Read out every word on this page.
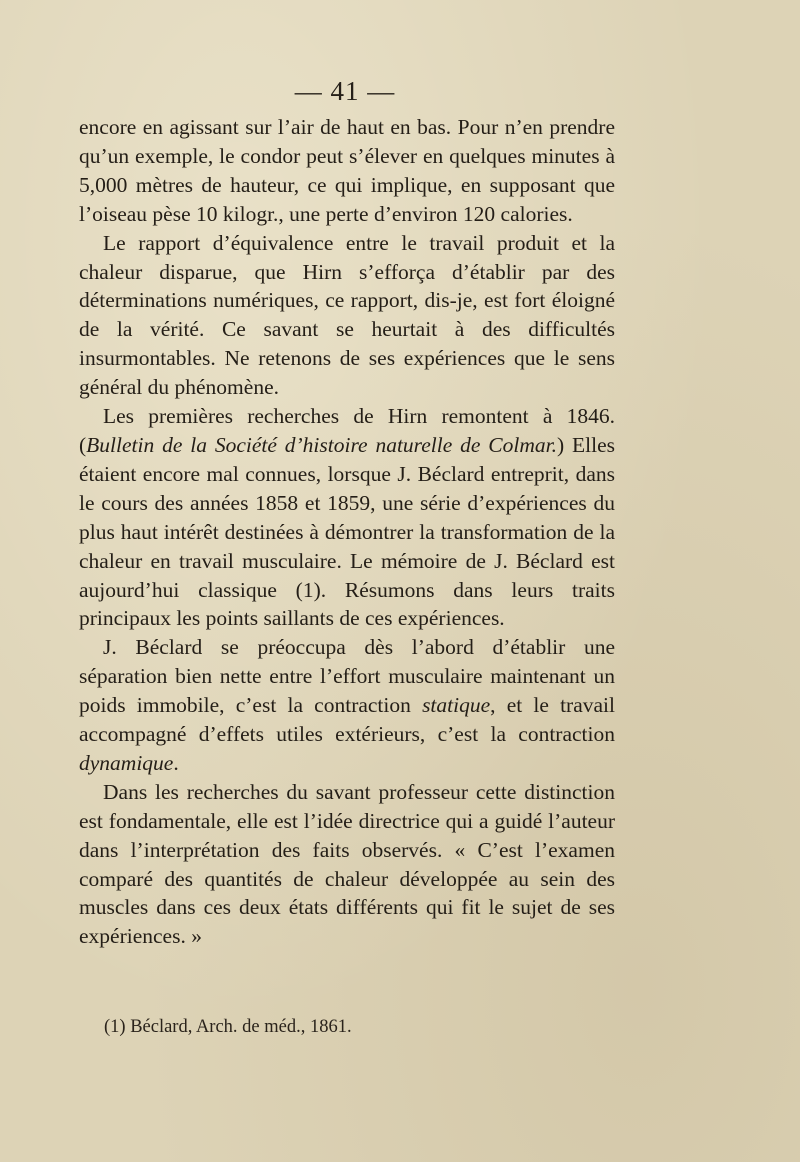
— 41 —

encore en agissant sur l’air de haut en bas. Pour n’en prendre qu’un exemple, le condor peut s’élever en quelques minutes à 5,000 mètres de hauteur, ce qui implique, en supposant que l’oiseau pèse 10 kilogr., une perte d’environ 120 calories.

Le rapport d’équivalence entre le travail produit et la chaleur disparue, que Hirn s’efforça d’établir par des déterminations numériques, ce rapport, dis-je, est fort éloigné de la vérité. Ce savant se heurtait à des difficultés insurmontables. Ne retenons de ses expériences que le sens général du phénomène.

Les premières recherches de Hirn remontent à 1846. (Bulletin de la Société d’histoire naturelle de Colmar.) Elles étaient encore mal connues, lorsque J. Béclard entreprit, dans le cours des années 1858 et 1859, une série d’expériences du plus haut intérêt destinées à démontrer la transformation de la chaleur en travail musculaire. Le mémoire de J. Béclard est aujourd’hui classique (1). Résumons dans leurs traits principaux les points saillants de ces expériences.

J. Béclard se préoccupa dès l’abord d’établir une séparation bien nette entre l’effort musculaire maintenant un poids immobile, c’est la contraction statique, et le travail accompagné d’effets utiles extérieurs, c’est la contraction dynamique.

Dans les recherches du savant professeur cette distinction est fondamentale, elle est l’idée directrice qui a guidé l’auteur dans l’interprétation des faits observés. « C’est l’examen comparé des quantités de chaleur développée au sein des muscles dans ces deux états différents qui fit le sujet de ses expériences. »

(1) Béclard, Arch. de méd., 1861.
